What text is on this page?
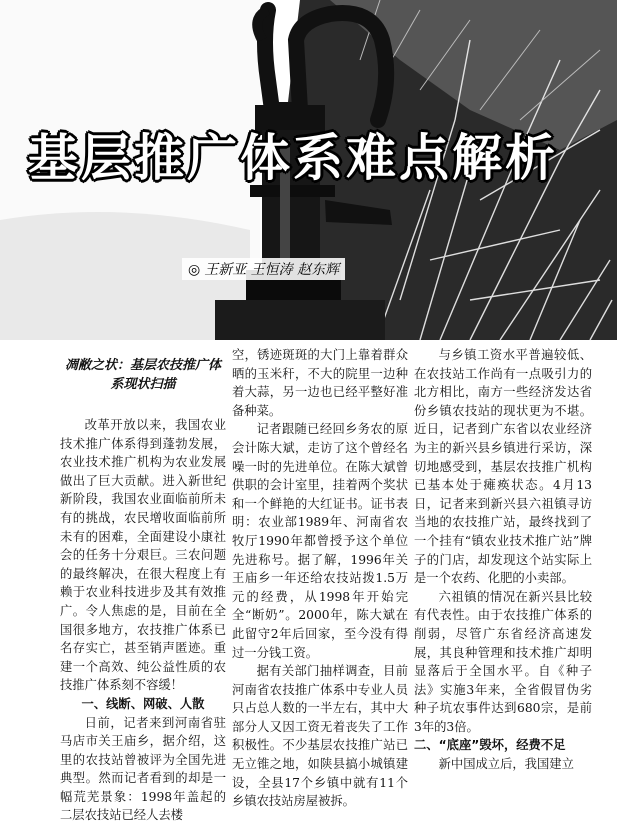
基层推广体系难点解析
◎ 王新亚 王恒涛 赵东辉
凋敝之状：基层农技推广体系现状扫描

改革开放以来，我国农业技术推广体系得到蓬勃发展，农业技术推广机构为农业发展做出了巨大贡献。进入新世纪新阶段，我国农业面临前所未有的挑战，农民增收面临前所未有的困难，全面建设小康社会的任务十分艰巨。三农问题的最终解决，在很大程度上有赖于农业科技进步及其有效推广。令人焦虑的是，目前在全国很多地方，农技推广体系已名存实亡，甚至销声匿迹。重建一个高效、纯公益性质的农技推广体系刻不容缓！

一、线断、网破、人散

日前，记者来到河南省驻马店市关王庙乡，据介绍，这里的农技站曾被评为全国先进典型。然而记者看到的却是一幅荒芜景象：1998年盖起的二层农技站已经人去楼

空，锈迹斑斑的大门上靠着群众晒的玉米秆，不大的院里一边种着大蒜，另一边也已经平整好准备种菜。

记者跟随已经回乡务农的原会计陈大斌，走访了这个曾经名噪一时的先进单位。在陈大斌曾供职的会计室里，挂着两个奖状和一个鲜艳的大红证书。证书表明：农业部1989年、河南省农牧厅1990年都曾授予这个单位先进称号。据了解，1996年关王庙乡一年还给农技站拨1.5万元的经费，从1998年开始完全“断奶”。2000年，陈大斌在此留守2年后回家，至今没有得过一分钱工资。

据有关部门抽样调查，目前河南省农技推广体系中专业人员只占总人数的一半左右，其中大部分人又因工资无着丧失了工作积极性。不少基层农技推广站已无立锥之地，如陕县搞小城镇建设，全县17个乡镇中就有11个乡镇农技站房屋被拆。

与乡镇工资水平普遍较低、在农技站工作尚有一点吸引力的北方相比，南方一些经济发达省份乡镇农技站的现状更为不堪。近日，记者到广东省以农业经济为主的新兴县乡镇进行采访，深切地感受到，基层农技推广机构已基本处于瘫痪状态。4月13日，记者来到新兴县六祖镇寻访当地的农技推广站，最终找到了一个挂有“镇农业技术推广站”牌子的门店，却发现这个站实际上是一个农药、化肥的小卖部。

六祖镇的情况在新兴县比较有代表性。由于农技推广体系的削弱，尽管广东省经济高速发展，其良种管理和技术推广却明显落后于全国水平。自《种子法》实施3年来，全省假冒伪劣种子坑农事件达到680宗，是前3年的3倍。

二、“底座”毁坏，经费不足

新中国成立后，我国建立
